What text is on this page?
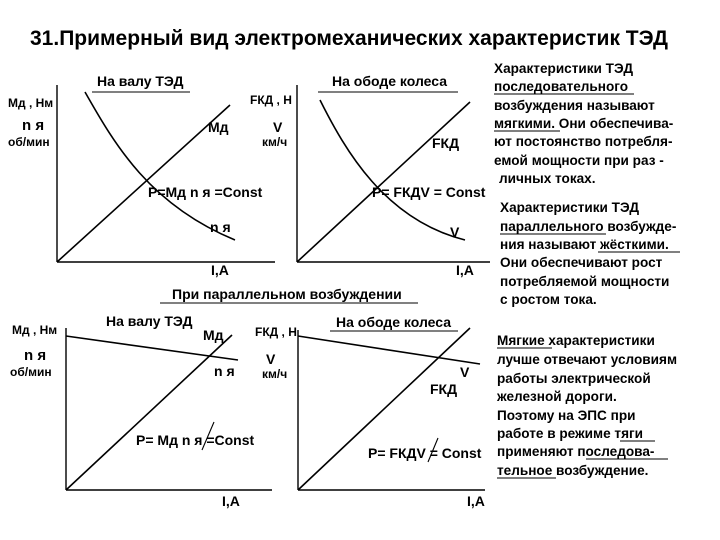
31.Примерный вид электромеханических характеристик ТЭД
На валу ТЭД
Мд , Нм
n я
об/мин
Мд
n я
P=Mд n я =Const
I,А
На ободе колеса
FКД , Н
V
км/ч	FКД
V
P= FКДV = Const
I,А
При параллельном возбуждении
На валу ТЭД
Мд , Нм
n я
об/мин
Мд
n я
P= Mд n я =Const
I,А
На ободе колеса
FКД , Н
V
км/ч	V
FКД
P= FКДV = Const
I,А
Характеристики ТЭД
последовательного
возбуждения называют
мягкими. Они обеспечива-
ют постоянство потребля-
емой мощности при раз -
личных токах.
Характеристики ТЭД
параллельного возбужде-
ния называют жёсткими.
Они обеспечивают рост
потребляемой мощности
с ростом тока.
Мягкие характеристики
лучше отвечают условиям
работы электрической
железной дороги.
Поэтому на ЭПС при
работе в режиме тяги
применяют последова-
тельное возбуждение.
